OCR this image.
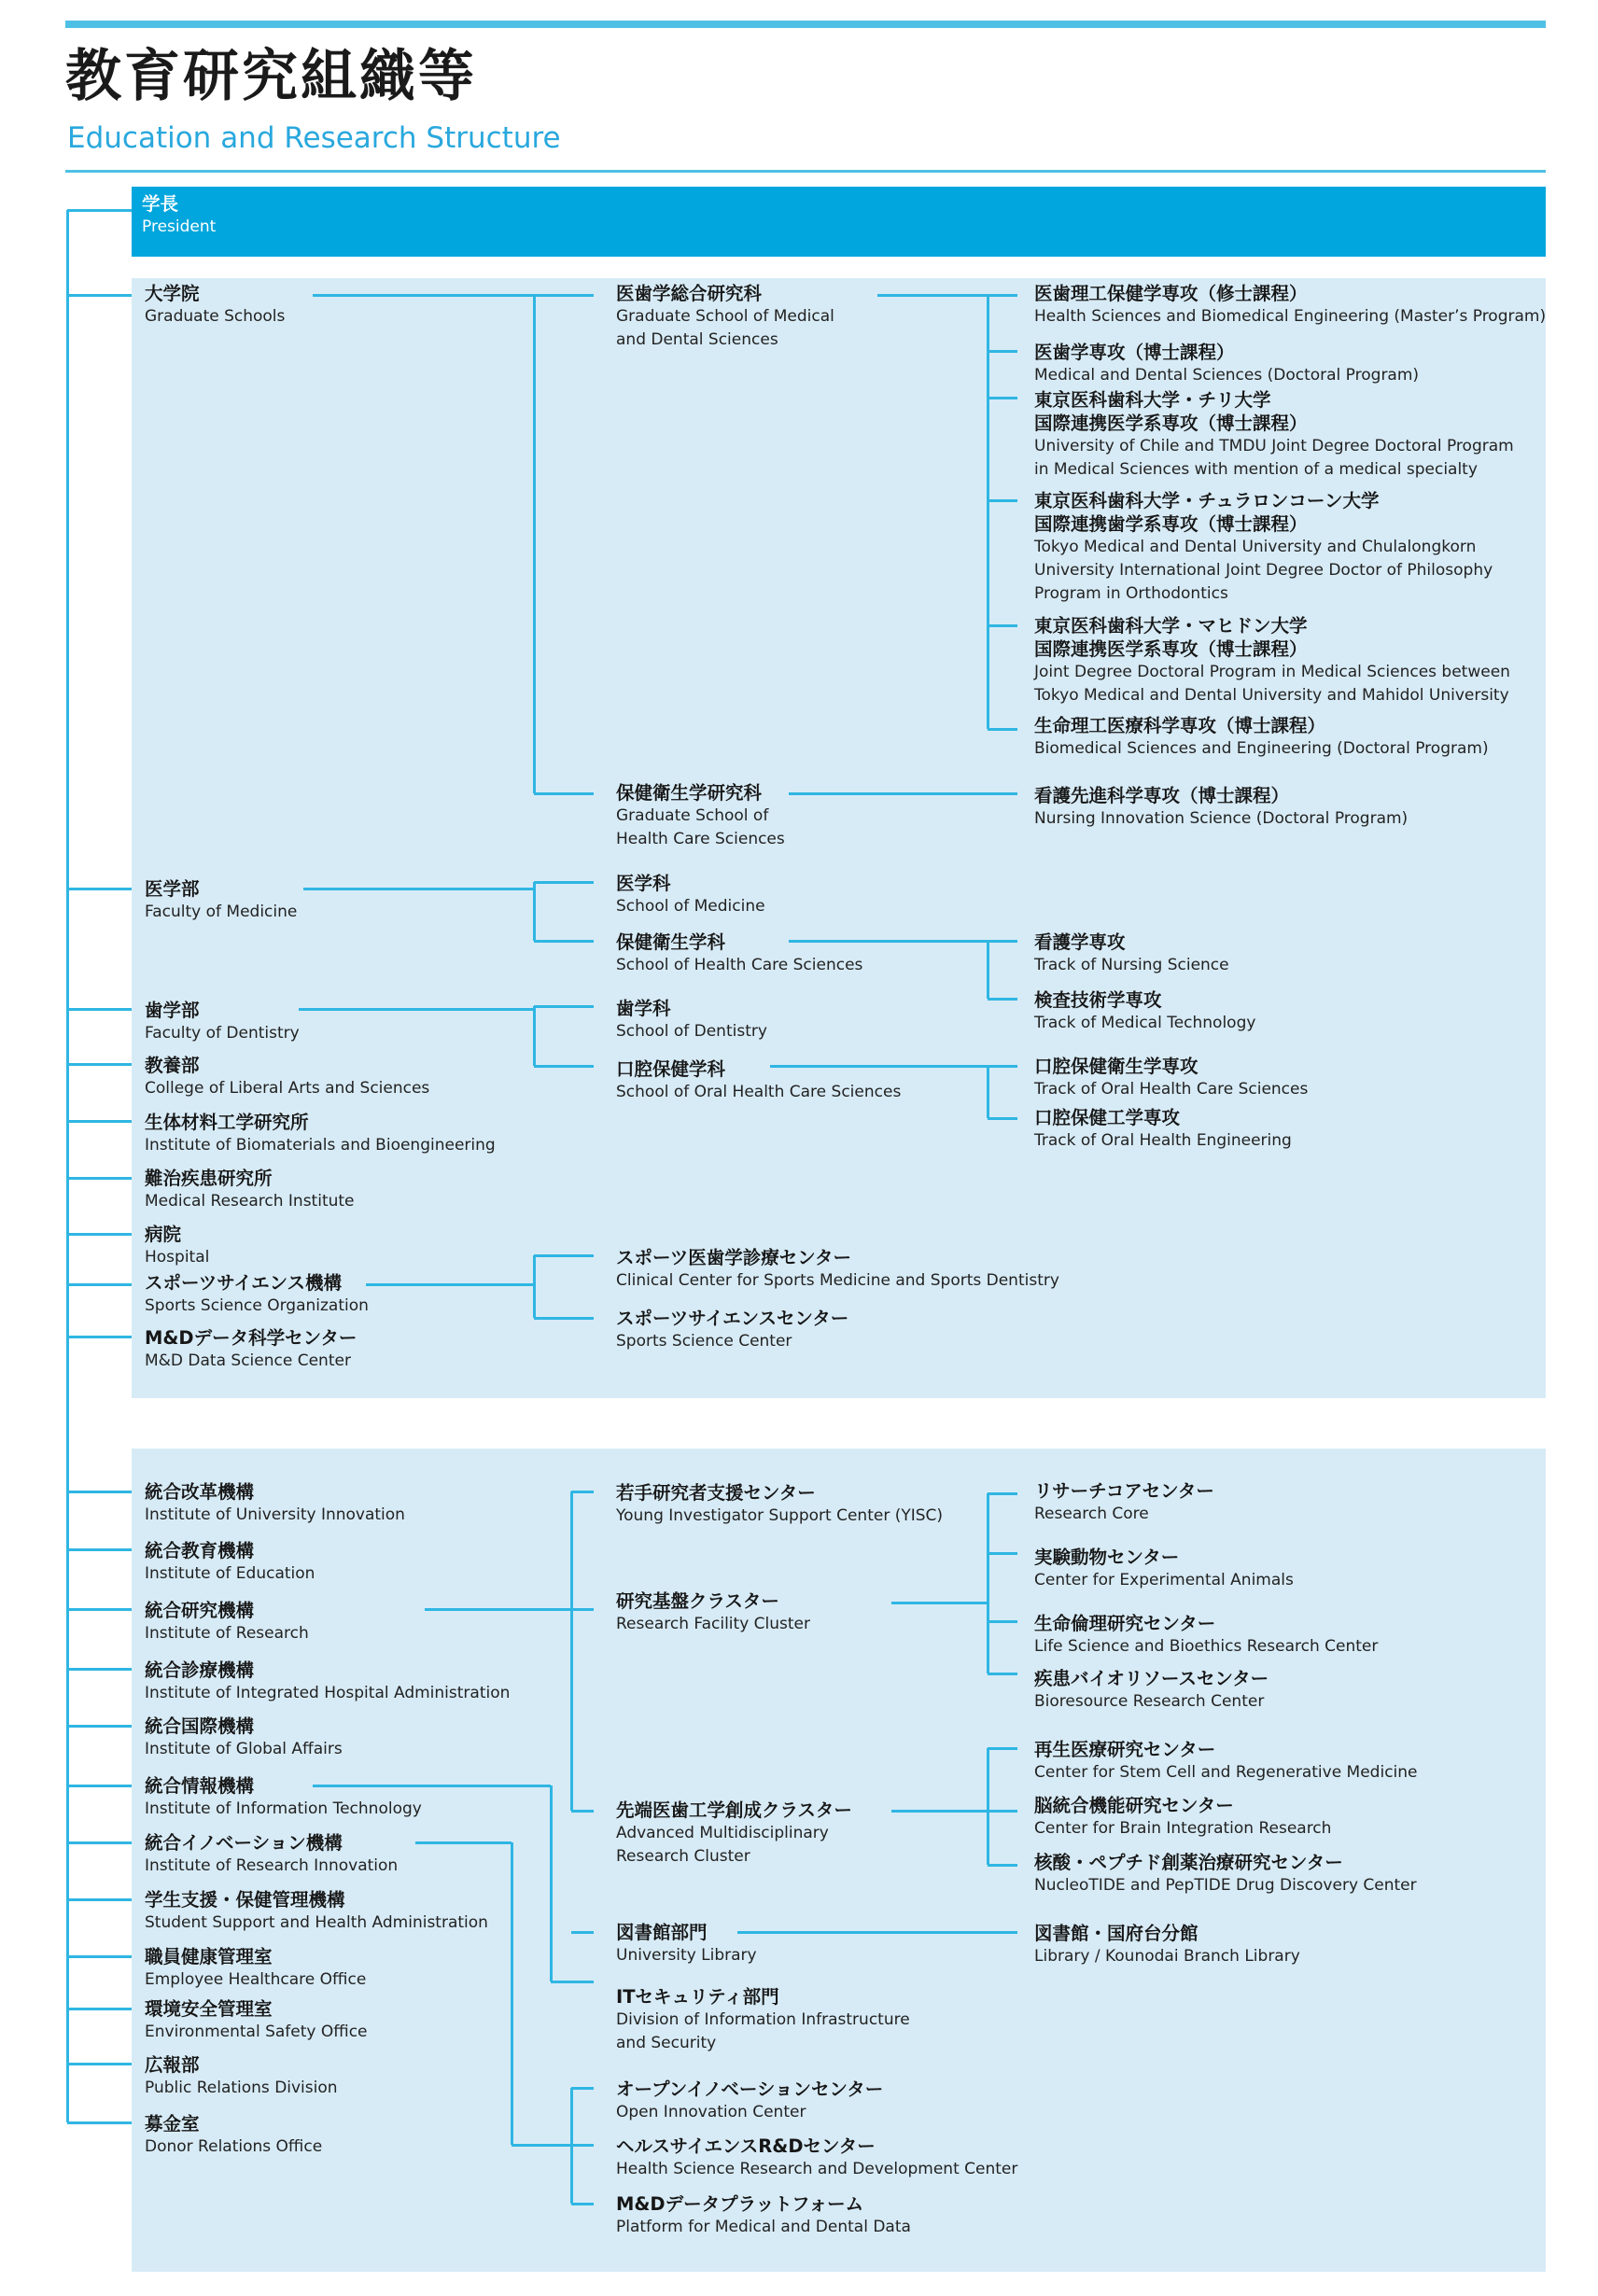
教育研究組織等
Education and Research Structure
大学院
Graduate Schools
医学部
Faculty of Medicine
歯学部
Faculty of Dentistry
教養部
College of Liberal Arts and Sciences
生体材料工学研究所
Institute of Biomaterials and Bioengineering
難治疾患研究所
Medical Research Institute
病院
Hospital
スポーツサイエンス機構
Sports Science Organization
M&Dデータ科学センター
M&D Data Science Center
統合改革機構
Institute of University Innovation
統合教育機構
Institute of Education
統合研究機構
Institute of Research
統合診療機構
Institute of Integrated Hospital Administration
統合国際機構
Institute of Global Affairs
統合情報機構
Institute of Information Technology
統合イノベーション機構
Institute of Research Innovation
学生支援・保健管理機構
Student Support and Health Administration
職員健康管理室
Employee Healthcare Office
環境安全管理室
Environmental Safety Office
広報部
Public Relations Division
募金室
Donor Relations Office
医歯学総合研究科
Graduate School of Medical
and Dental Sciences
保健衛生学研究科
Graduate School of
Health Care Sciences
医学科
School of Medicine
保健衛生学科
School of Health Care Sciences
歯学科
School of Dentistry
口腔保健学科
School of Oral Health Care Sciences
スポーツ医歯学診療センター
Clinical Center for Sports Medicine and Sports Dentistry
スポーツサイエンスセンター
Sports Science Center
若手研究者支援センター
Young Investigator Support Center (YISC)
研究基盤クラスター
Research Facility Cluster
先端医歯工学創成クラスター
Advanced Multidisciplinary
Research Cluster
図書館部門
University Library
ITセキュリティ部門
Division of Information Infrastructure
and Security
オープンイノベーションセンター
Open Innovation Center
ヘルスサイエンスR&Dセンター
Health Science Research and Development Center
M&Dデータプラットフォーム
Platform for Medical and Dental Data
医歯理工保健学専攻（修士課程）
Health Sciences and Biomedical Engineering (Master’s Program)
医歯学専攻（博士課程）
Medical and Dental Sciences (Doctoral Program)
東京医科歯科大学・チリ大学
国際連携医学系専攻（博士課程）
University of Chile and TMDU Joint Degree Doctoral Program
in Medical Sciences with mention of a medical specialty
東京医科歯科大学・チュラロンコーン大学
国際連携歯学系専攻（博士課程）
Tokyo Medical and Dental University and Chulalongkorn
University International Joint Degree Doctor of Philosophy
Program in Orthodontics
東京医科歯科大学・マヒドン大学
国際連携医学系専攻（博士課程）
Joint Degree Doctoral Program in Medical Sciences between
Tokyo Medical and Dental University and Mahidol University
生命理工医療科学専攻（博士課程）
Biomedical Sciences and Engineering (Doctoral Program)
看護先進科学専攻（博士課程）
Nursing Innovation Science (Doctoral Program)
看護学専攻
Track of Nursing Science
検査技術学専攻
Track of Medical Technology
口腔保健衛生学専攻
Track of Oral Health Care Sciences
口腔保健工学専攻
Track of Oral Health Engineering
リサーチコアセンター
Research Core
実験動物センター
Center for Experimental Animals
生命倫理研究センター
Life Science and Bioethics Research Center
疾患バイオリソースセンター
Bioresource Research Center
再生医療研究センター
Center for Stem Cell and Regenerative Medicine
脳統合機能研究センター
Center for Brain Integration Research
核酸・ペプチド創薬治療研究センター
NucleoTIDE and PepTIDE Drug Discovery Center
図書館・国府台分館
Library / Kounodai Branch Library
学長
President
